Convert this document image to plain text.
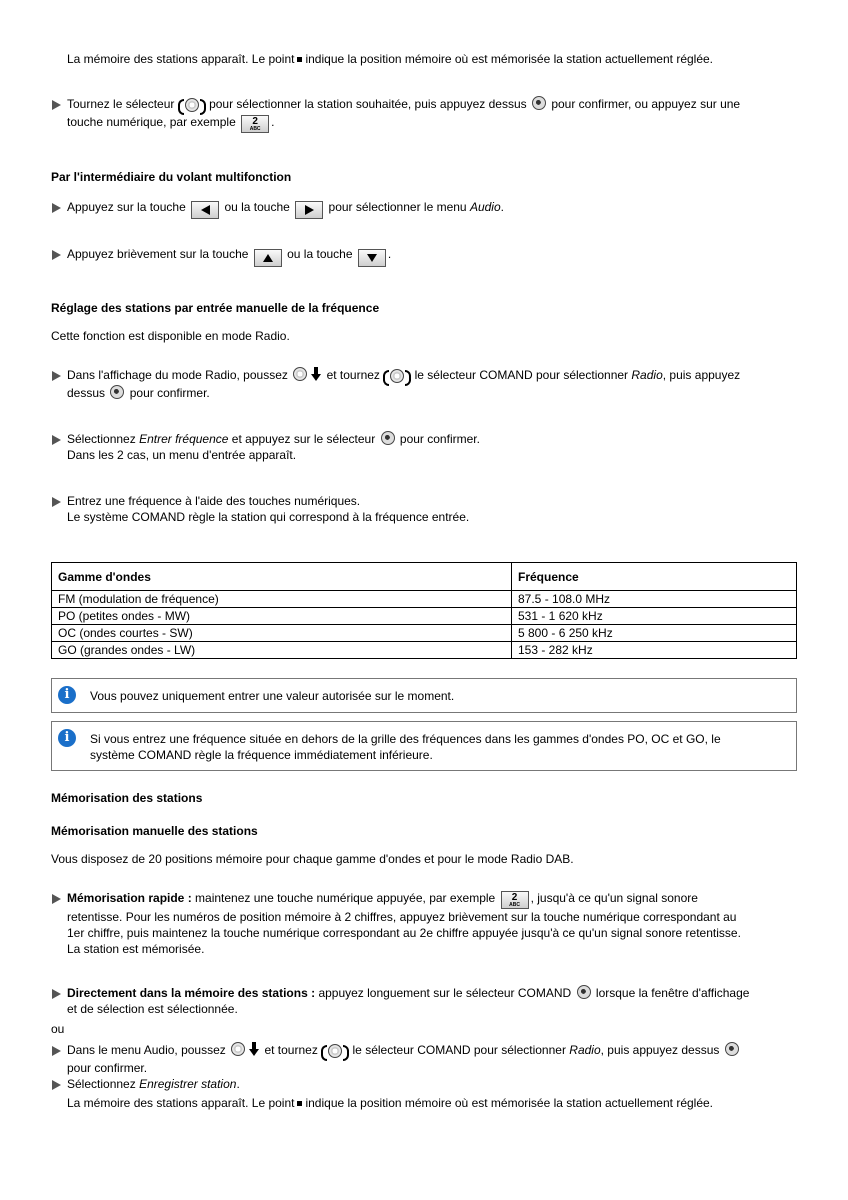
La mémoire des stations apparaît. Le point indique la position mémoire où est mémorisée la station actuellement réglée.
Tournez le sélecteur	pour sélectionner la station souhaitée, puis appuyez dessus pour confirmer, ou appuyez sur une
touche numérique, par exemple 2
ABC .
Par l'intermédiaire du volant multifonction
Appuyez sur la touche	ou la touche	pour sélectionner le menu Audio.
Appuyez brièvement sur la touche	ou la touche	.
Réglage des stations par entrée manuelle de la fréquence
Cette fonction est disponible en mode Radio.
Dans l'affichage du mode Radio, poussez	et tournez	le sélecteur COMAND pour sélectionner Radio, puis appuyez
dessus pour confirmer.
Sélectionnez Entrer fréquence et appuyez sur le sélecteur pour confirmer.
Dans les 2 cas, un menu d'entrée apparaît.
Entrez une fréquence à l'aide des touches numériques.
Le système COMAND règle la station qui correspond à la fréquence entrée.
Gamme d'ondes	Fréquence
FM (modulation de fréquence)	87.5 - 108.0 MHz
PO (petites ondes - MW)	531 - 1 620 kHz
OC (ondes courtes - SW)	5 800 - 6 250 kHz
GO (grandes ondes - LW)	153 - 282 kHz
i	Vous pouvez uniquement entrer une valeur autorisée sur le moment.
i	Si vous entrez une fréquence située en dehors de la grille des fréquences dans les gammes d'ondes PO, OC et GO, le
système COMAND règle la fréquence immédiatement inférieure.
Mémorisation des stations
Mémorisation manuelle des stations
Vous disposez de 20 positions mémoire pour chaque gamme d'ondes et pour le mode Radio DAB.
Mémorisation rapide : maintenez une touche numérique appuyée, par exemple 2
ABC , jusqu'à ce qu'un signal sonore
retentisse. Pour les numéros de position mémoire à 2 chiffres, appuyez brièvement sur la touche numérique correspondant au
1er chiffre, puis maintenez la touche numérique correspondant au 2e chiffre appuyée jusqu'à ce qu'un signal sonore retentisse.
La station est mémorisée.
Directement dans la mémoire des stations : appuyez longuement sur le sélecteur COMAND lorsque la fenêtre d'affichage
et de sélection est sélectionnée.
ou
Dans le menu Audio, poussez	et tournez	le sélecteur COMAND pour sélectionner Radio, puis appuyez dessus
pour confirmer.
Sélectionnez Enregistrer station.
La mémoire des stations apparaît. Le point indique la position mémoire où est mémorisée la station actuellement réglée.
